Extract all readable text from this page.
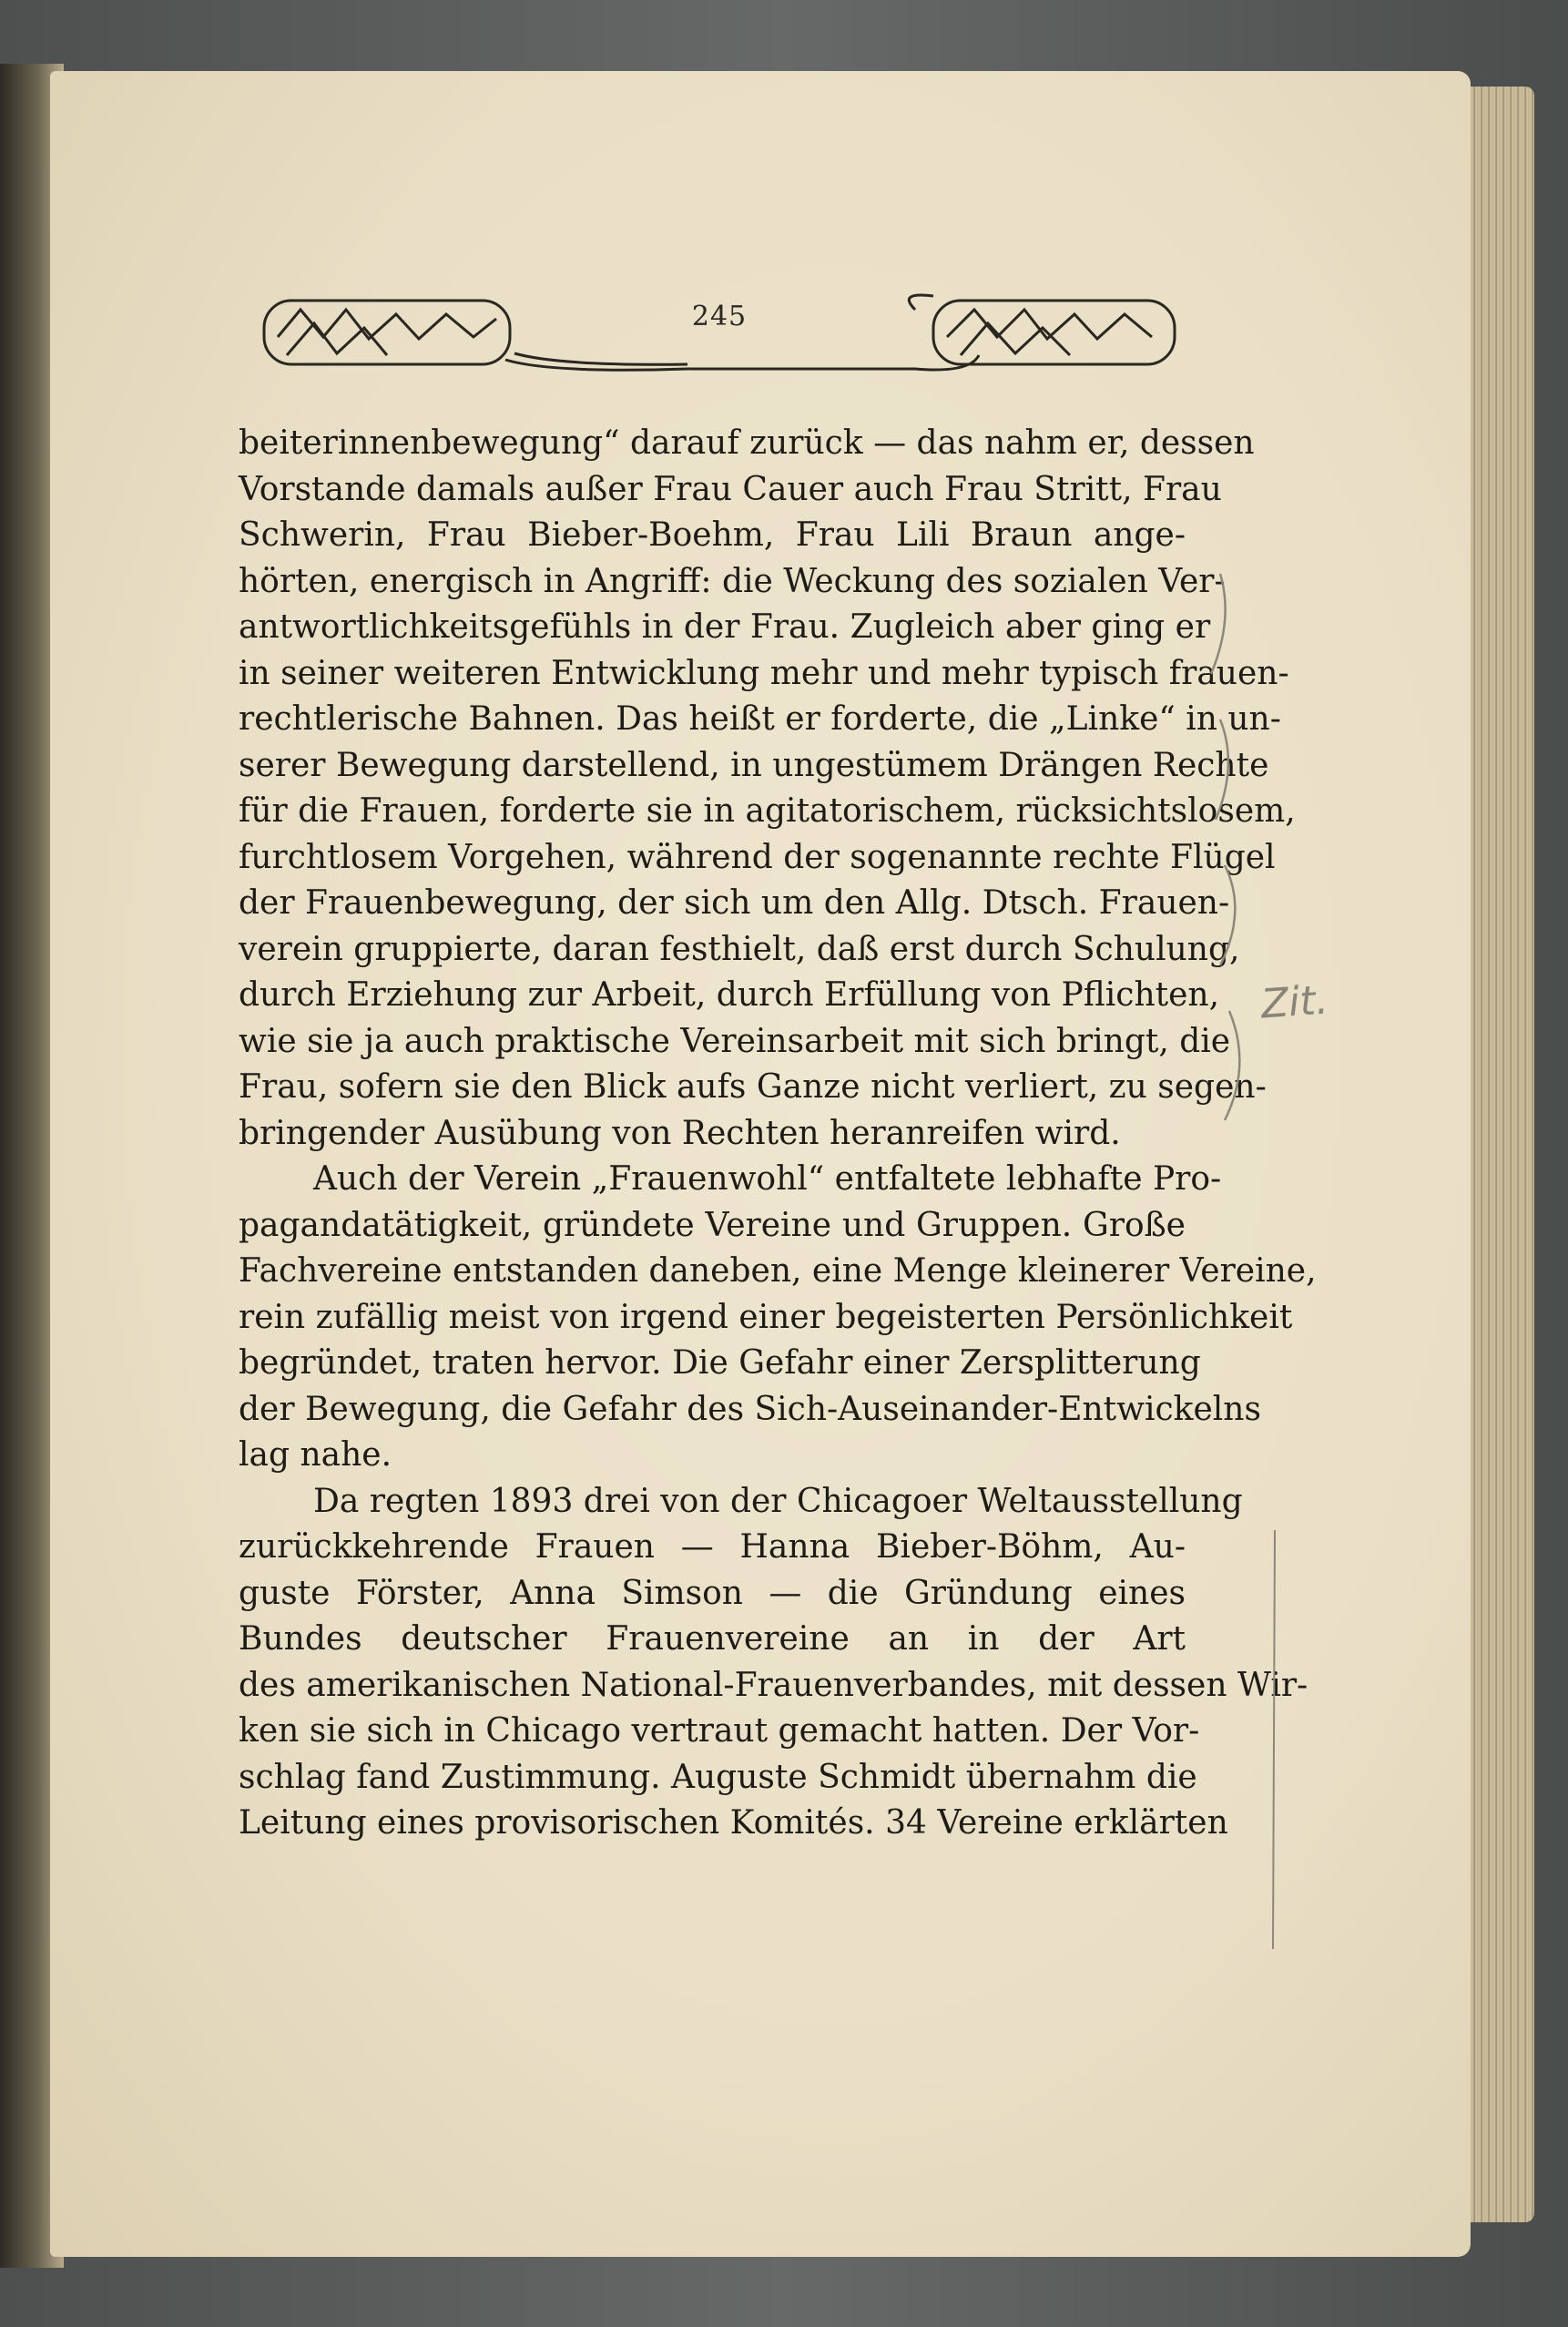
245
beiterinnenbewegung“ darauf zurück — das nahm er, dessen
Vorstande damals außer Frau Cauer auch Frau Stritt, Frau
Schwerin, Frau Bieber-Boehm, Frau Lili Braun ange-
hörten, energisch in Angriff: die Weckung des sozialen Ver-
antwortlichkeitsgefühls in der Frau. Zugleich aber ging er
in seiner weiteren Entwicklung mehr und mehr typisch frauen-
rechtlerische Bahnen. Das heißt er forderte, die „Linke“ in un-
serer Bewegung darstellend, in ungestümem Drängen Rechte
für die Frauen, forderte sie in agitatorischem, rücksichtslosem,
furchtlosem Vorgehen, während der sogenannte rechte Flügel
der Frauenbewegung, der sich um den Allg. Dtsch. Frauen-
verein gruppierte, daran festhielt, daß erst durch Schulung,
durch Erziehung zur Arbeit, durch Erfüllung von Pflichten,
wie sie ja auch praktische Vereinsarbeit mit sich bringt, die
Frau, sofern sie den Blick aufs Ganze nicht verliert, zu segen-
bringender Ausübung von Rechten heranreifen wird.
Auch der Verein „Frauenwohl“ entfaltete lebhafte Pro-
pagandatätigkeit, gründete Vereine und Gruppen. Große
Fachvereine entstanden daneben, eine Menge kleinerer Vereine,
rein zufällig meist von irgend einer begeisterten Persönlichkeit
begründet, traten hervor. Die Gefahr einer Zersplitterung
der Bewegung, die Gefahr des Sich-Auseinander-Entwickelns
lag nahe.
Da regten 1893 drei von der Chicagoer Weltausstellung
zurückkehrende Frauen — Hanna Bieber-Böhm, Au-
guste Förster, Anna Simson — die Gründung eines
Bundes deutscher Frauenvereine an in der Art
des amerikanischen National-Frauenverbandes, mit dessen Wir-
ken sie sich in Chicago vertraut gemacht hatten. Der Vor-
schlag fand Zustimmung. Auguste Schmidt übernahm die
Leitung eines provisorischen Komités. 34 Vereine erklärten
Zit.
